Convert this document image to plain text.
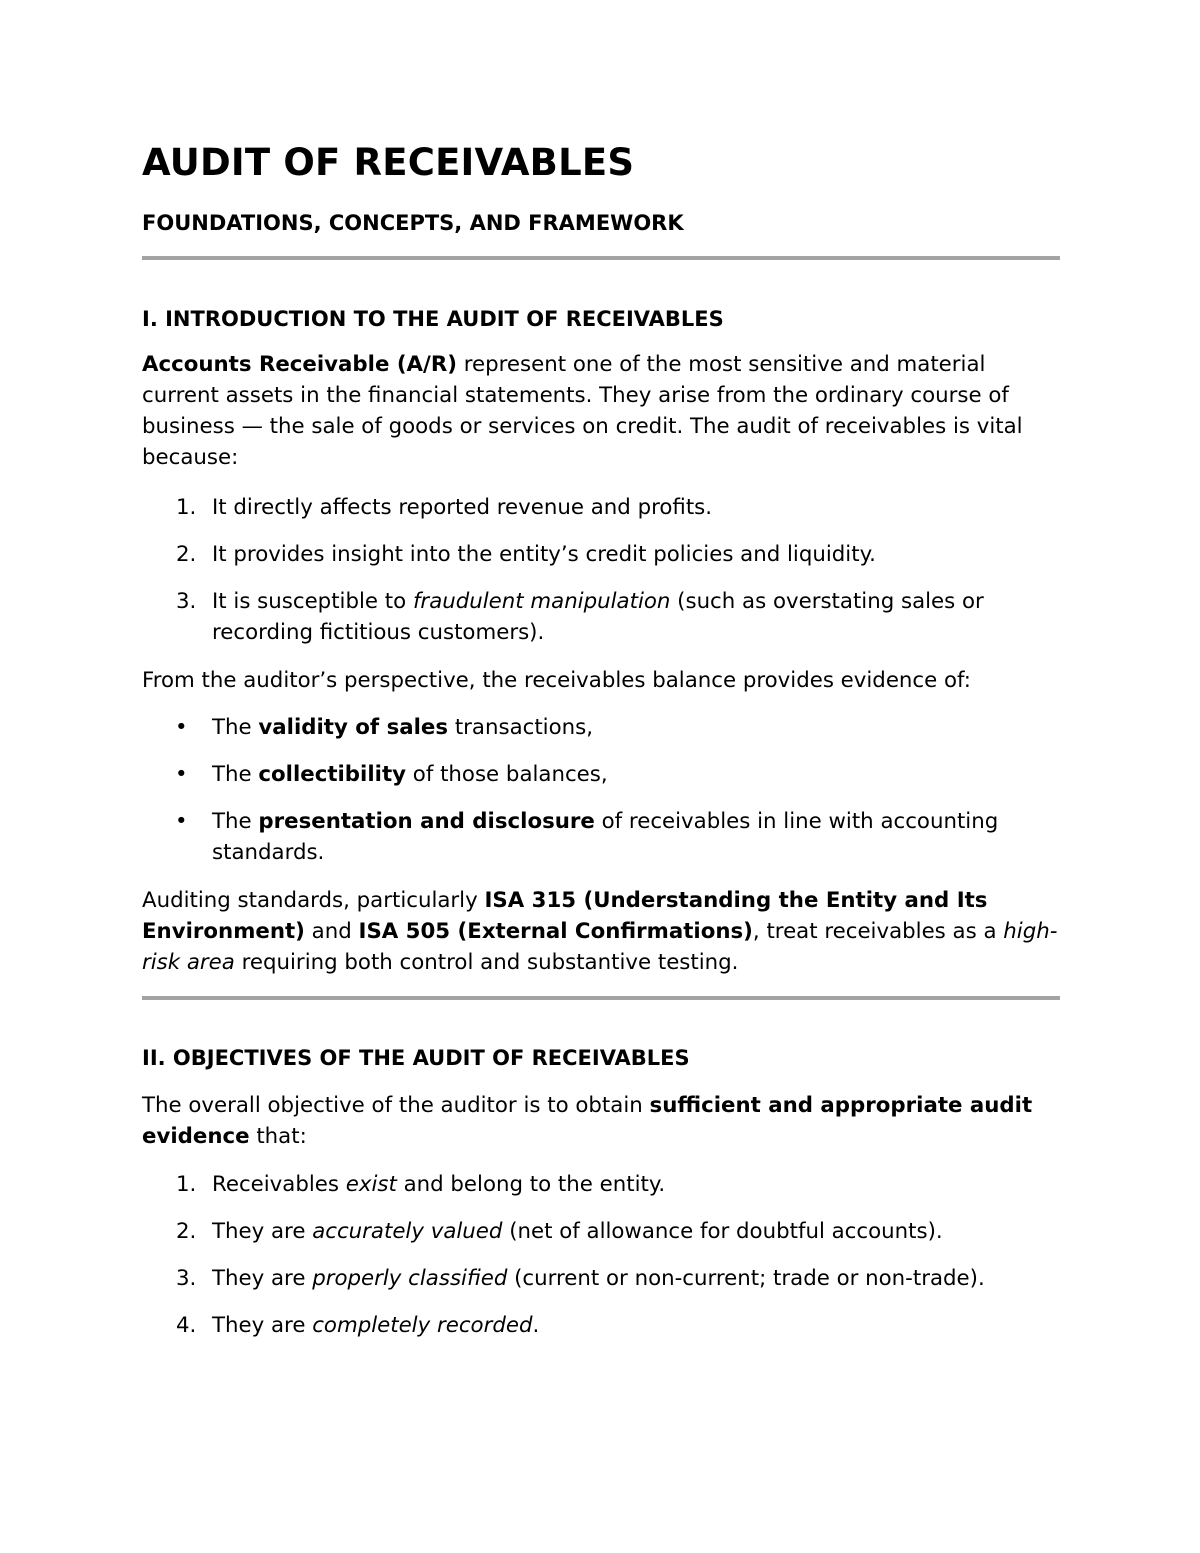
AUDIT OF RECEIVABLES
FOUNDATIONS, CONCEPTS, AND FRAMEWORK
I. INTRODUCTION TO THE AUDIT OF RECEIVABLES

Accounts Receivable (A/R) represent one of the most sensitive and material current assets in the financial statements. They arise from the ordinary course of business — the sale of goods or services on credit. The audit of receivables is vital because:

1. It directly affects reported revenue and profits.
2. It provides insight into the entity’s credit policies and liquidity.
3. It is susceptible to fraudulent manipulation (such as overstating sales or recording fictitious customers).

From the auditor’s perspective, the receivables balance provides evidence of:

• The validity of sales transactions,
• The collectibility of those balances,
• The presentation and disclosure of receivables in line with accounting standards.

Auditing standards, particularly ISA 315 (Understanding the Entity and Its Environment) and ISA 505 (External Confirmations), treat receivables as a high-risk area requiring both control and substantive testing.

II. OBJECTIVES OF THE AUDIT OF RECEIVABLES

The overall objective of the auditor is to obtain sufficient and appropriate audit evidence that:

1. Receivables exist and belong to the entity.
2. They are accurately valued (net of allowance for doubtful accounts).
3. They are properly classified (current or non-current; trade or non-trade).
4. They are completely recorded.
